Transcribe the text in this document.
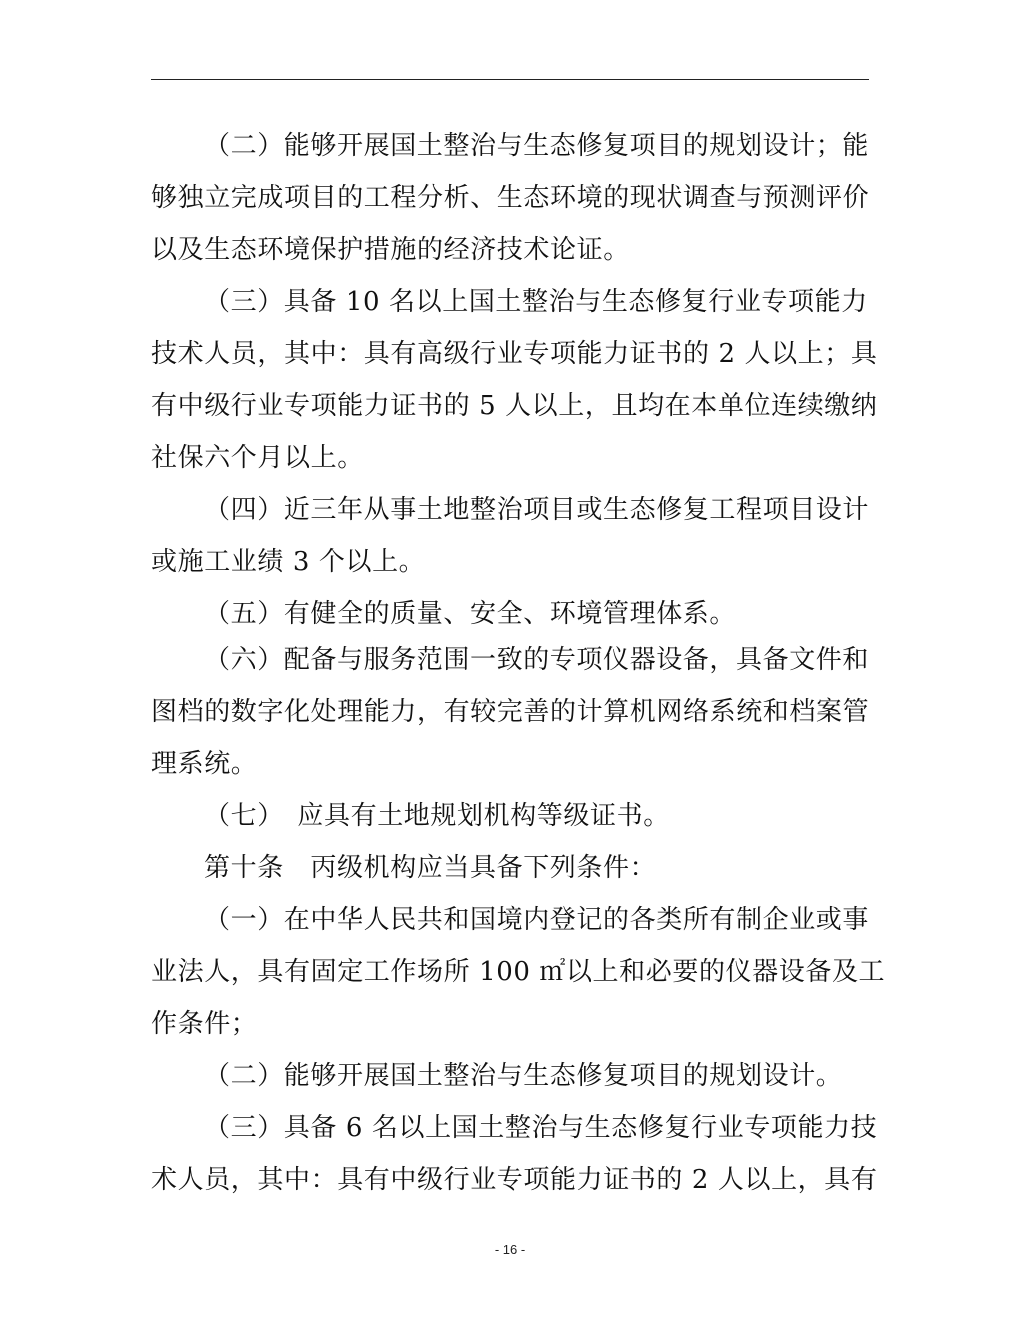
（二）能够开展国土整治与生态修复项目的规划设计；能
够独立完成项目的工程分析、生态环境的现状调查与预测评价
以及生态环境保护措施的经济技术论证。
（三）具备 10 名以上国土整治与生态修复行业专项能力
技术人员，其中：具有高级行业专项能力证书的 2 人以上；具
有中级行业专项能力证书的 5 人以上，且均在本单位连续缴纳
社保六个月以上。
（四）近三年从事土地整治项目或生态修复工程项目设计
或施工业绩 3 个以上。
（五）有健全的质量、安全、环境管理体系。
（六）配备与服务范围一致的专项仪器设备，具备文件和
图档的数字化处理能力，有较完善的计算机网络系统和档案管
理系统。
（七）　应具有土地规划机构等级证书。
第十条　丙级机构应当具备下列条件：
（一）在中华人民共和国境内登记的各类所有制企业或事
业法人，具有固定工作场所 100 ㎡以上和必要的仪器设备及工
作条件；
（二）能够开展国土整治与生态修复项目的规划设计。
（三）具备 6 名以上国土整治与生态修复行业专项能力技
术人员，其中：具有中级行业专项能力证书的 2 人以上，具有
- 16 -
